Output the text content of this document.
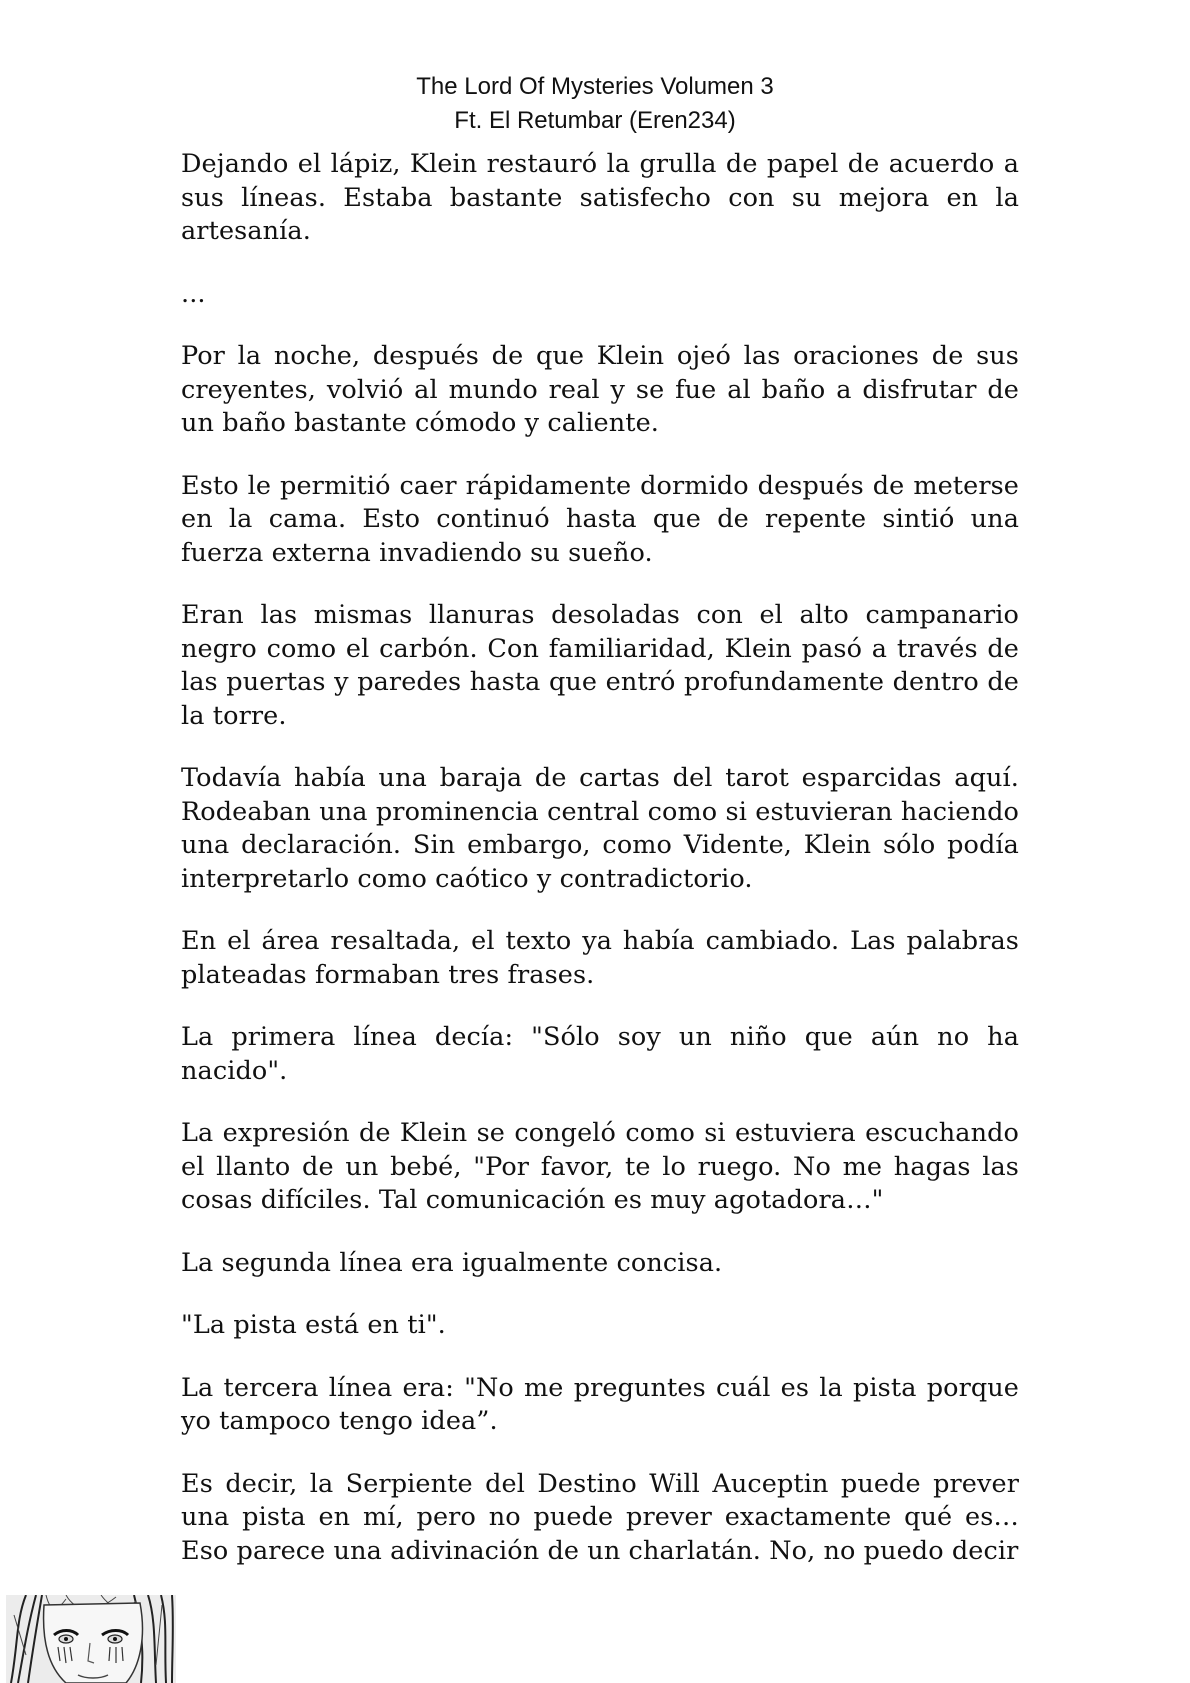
The Lord Of Mysteries Volumen 3
Ft. El Retumbar (Eren234)

Dejando el lápiz, Klein restauró la grulla de papel de acuerdo a sus líneas. Estaba bastante satisfecho con su mejora en la artesanía.

...

Por la noche, después de que Klein ojeó las oraciones de sus creyentes, volvió al mundo real y se fue al baño a disfrutar de un baño bastante cómodo y caliente.

Esto le permitió caer rápidamente dormido después de meterse en la cama. Esto continuó hasta que de repente sintió una fuerza externa invadiendo su sueño.

Eran las mismas llanuras desoladas con el alto campanario negro como el carbón. Con familiaridad, Klein pasó a través de las puertas y paredes hasta que entró profundamente dentro de la torre.

Todavía había una baraja de cartas del tarot esparcidas aquí. Rodeaban una prominencia central como si estuvieran haciendo una declaración. Sin embargo, como Vidente, Klein sólo podía interpretarlo como caótico y contradictorio.

En el área resaltada, el texto ya había cambiado. Las palabras plateadas formaban tres frases.

La primera línea decía: "Sólo soy un niño que aún no ha nacido".

La expresión de Klein se congeló como si estuviera escuchando el llanto de un bebé, "Por favor, te lo ruego. No me hagas las cosas difíciles. Tal comunicación es muy agotadora…"

La segunda línea era igualmente concisa.

"La pista está en ti".

La tercera línea era: "No me preguntes cuál es la pista porque yo tampoco tengo idea”.

Es decir, la Serpiente del Destino Will Auceptin puede prever una pista en mí, pero no puede prever exactamente qué es… Eso parece una adivinación de un charlatán. No, no puedo decir
